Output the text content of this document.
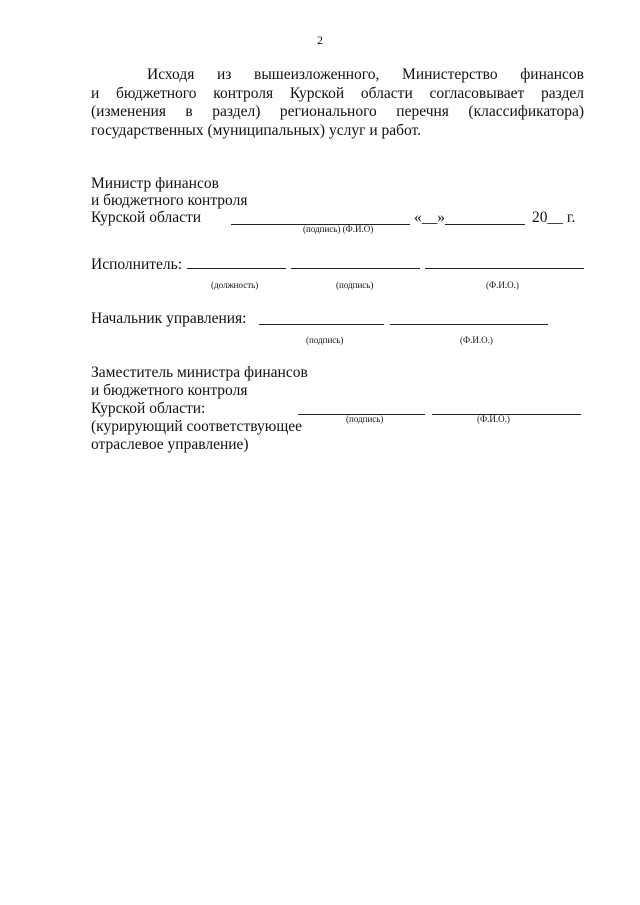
2
Исходя из вышеизложенного, Министерство финансов
и бюджетного контроля Курской области согласовывает раздел
(изменения в раздел) регионального перечня (классификатора)
государственных (муниципальных) услуг и работ.
Министр финансов
и бюджетного контроля
Курской области	«__»	20__ г.
(подпись) (Ф.И.О)
Исполнитель:
(должность)	(подпись)	(Ф.И.О.)
Начальник управления:
(подпись)	(Ф.И.О.)
Заместитель министра финансов
и бюджетного контроля
Курской области:
(курирующий соответствующее
отраслевое управление)
(подпись)	(Ф.И.О.)
